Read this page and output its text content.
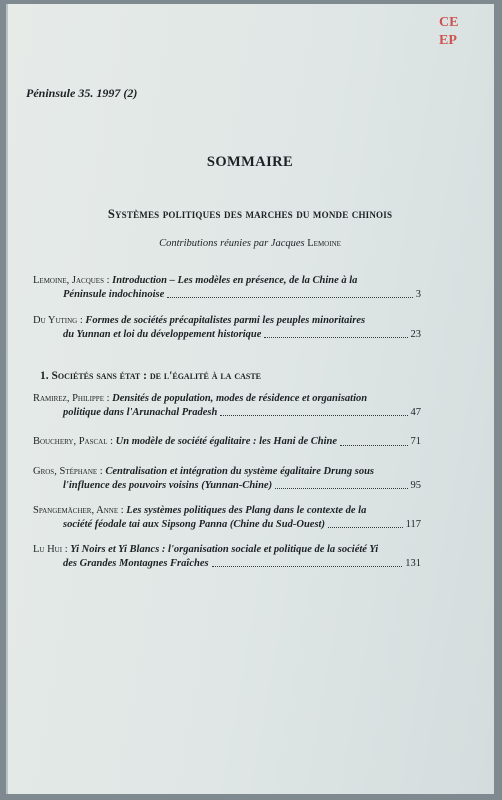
CE
EP
Péninsule 35. 1997 (2)
SOMMAIRE
Systèmes politiques des marches du monde chinois
Contributions réunies par Jacques Lemoine
1. Sociétés sans état : de l'égalité à la caste
Lemoine, Jacques :
Introduction – Les modèles en présence, de la Chine à la
Péninsule indochinoise	3
Du Yuting :
Formes de sociétés précapitalistes parmi les peuples minoritaires
du Yunnan et loi du développement historique	23
Ramirez, Philippe :
Densités de population, modes de résidence et organisation
politique dans l'Arunachal Pradesh	47
Bouchery, Pascal :
Un modèle de société égalitaire : les Hani de Chine	71
Gros, Stéphane :
Centralisation et intégration du système égalitaire Drung sous
l'influence des pouvoirs voisins (Yunnan-Chine)	95
Spangemächer, Anne :
Les systèmes politiques des Plang dans le contexte de la
société féodale tai aux Sipsong Panna (Chine du Sud-Ouest)	117
Lu Hui :
Yi Noirs et Yi Blancs : l'organisation sociale et politique de la société Yi
des Grandes Montagnes Fraîches	131
